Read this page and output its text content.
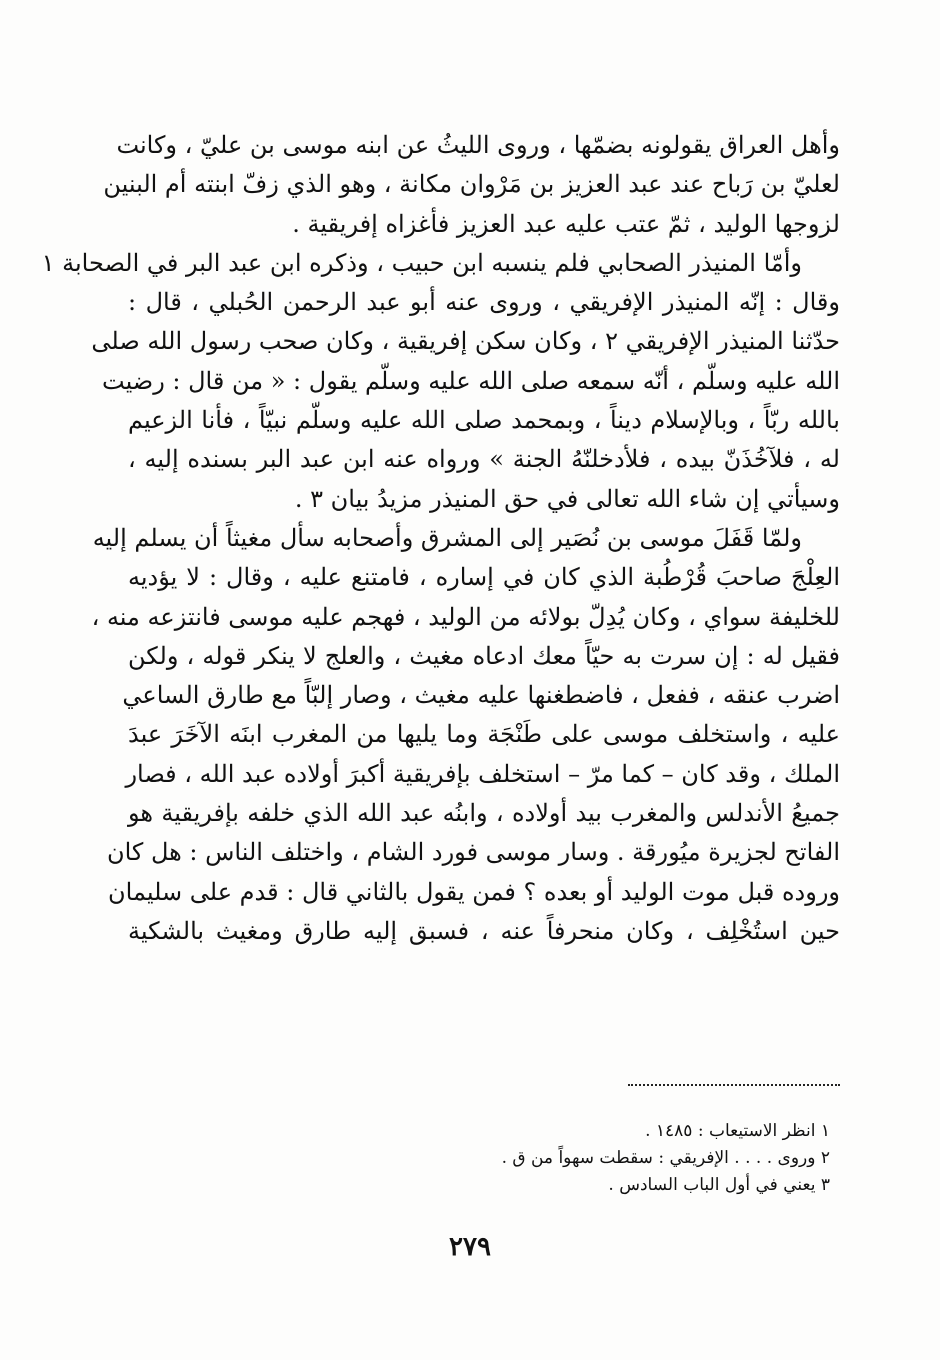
وأهل العراق يقولونه بضمّها ، وروى الليثُ عن ابنه موسى بن عليّ ، وكانت
لعليّ بن رَباح عند عبد العزيز بن مَرْوان مكانة ، وهو الذي زفّ ابنته أم البنين
لزوجها الوليد ، ثمّ عتب عليه عبد العزيز فأغزاه إفريقية .
وأمّا المنيذر الصحابي فلم ينسبه ابن حبيب ، وذكره ابن عبد البر في الصحابة ١
وقال : إنّه المنيذر الإفريقي ، وروى عنه أبو عبد الرحمن الحُبلي ، قال :
حدّثنا المنيذر الإفريقي ٢ ، وكان سكن إفريقية ، وكان صحب رسول الله صلى
الله عليه وسلّم ، أنّه سمعه صلى الله عليه وسلّم يقول : « من قال : رضيت
بالله ربّاً ، وبالإسلام ديناً ، وبمحمد صلى الله عليه وسلّم نبيّاً ، فأنا الزعيم
له ، فلآخُذَنّ بيده ، فلأدخلنّهُ الجنة » ورواه عنه ابن عبد البر بسنده إليه ،
وسيأتي إن شاء الله تعالى في حق المنيذر مزيدُ بيان ٣ .
ولمّا قَفَلَ موسى بن نُصَير إلى المشرق وأصحابه سأل مغيثاً أن يسلم إليه
العِلْجَ صاحبَ قُرْطُبة الذي كان في إساره ، فامتنع عليه ، وقال : لا يؤديه
للخليفة سواي ، وكان يُدِلّ بولائه من الوليد ، فهجم عليه موسى فانتزعه منه ،
فقيل له : إن سرت به حيّاً معك ادعاه مغيث ، والعلج لا ينكر قوله ، ولكن
اضرب عنقه ، ففعل ، فاضطغنها عليه مغيث ، وصار إلبّاً مع طارق الساعي
عليه ، واستخلف موسى على طَنْجَة وما يليها من المغرب ابنَه الآخَرَ عبدَ
الملك ، وقد كان – كما مرّ – استخلف بإفريقية أكبرَ أولاده عبد الله ، فصار
جميعُ الأندلس والمغرب بيد أولاده ، وابنُه عبد الله الذي خلفه بإفريقية هو
الفاتح لجزيرة ميُورقة . وسار موسى فورد الشام ، واختلف الناس : هل كان
وروده قبل موت الوليد أو بعده ؟ فمن يقول بالثاني قال : قدم على سليمان
حين استُخْلِف ، وكان منحرفاً عنه ، فسبق إليه طارق ومغيث بالشكية
١ انظر الاستيعاب : ١٤٨٥ .
٢ وروى . . . . الإفريقي : سقطت سهواً من ق .
٣ يعني في أول الباب السادس .
٢٧٩
